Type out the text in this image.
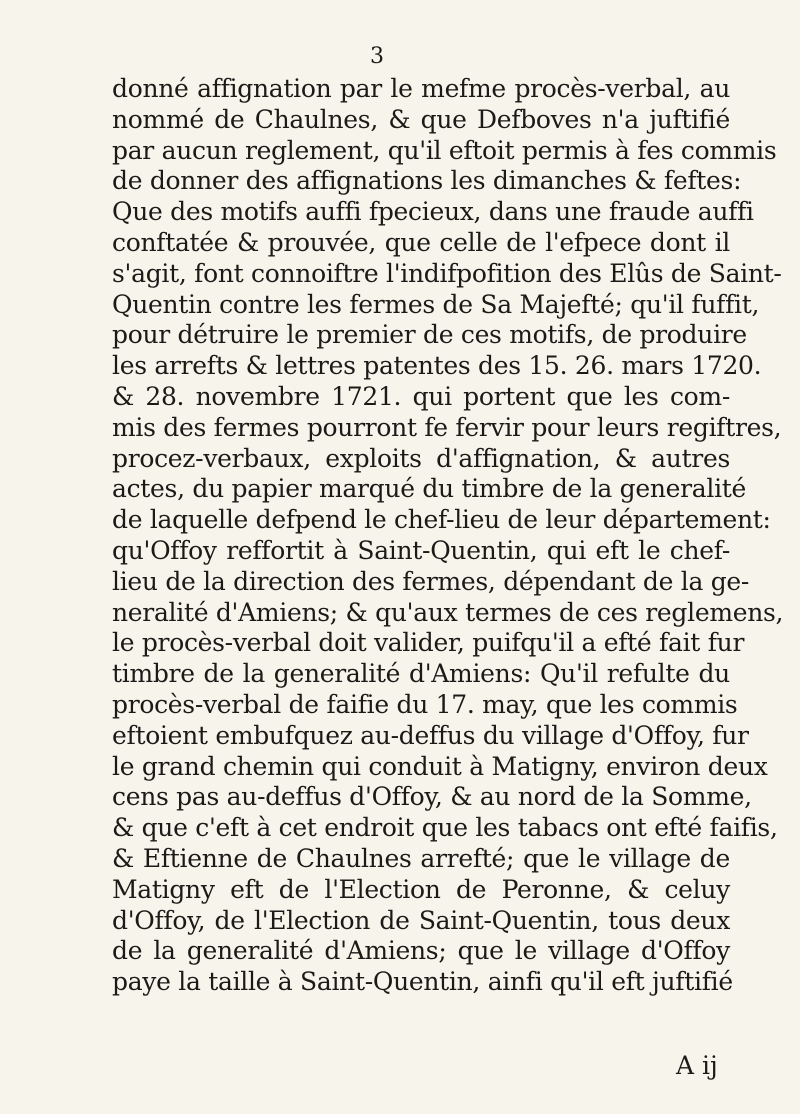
3
donné affignation par le mefme procès-verbal, au
nommé de Chaulnes, & que Defboves n'a juftifié
par aucun reglement, qu'il eftoit permis à fes commis
de donner des affignations les dimanches & feftes:
Que des motifs auffi fpecieux, dans une fraude auffi
conftatée & prouvée, que celle de l'efpece dont il
s'agit, font connoiftre l'indifpofition des Elûs de Saint-
Quentin contre les fermes de Sa Majefté; qu'il fuffit,
pour détruire le premier de ces motifs, de produire
les arrefts & lettres patentes des 15. 26. mars 1720.
& 28. novembre 1721. qui portent que les com-
mis des fermes pourront fe fervir pour leurs regiftres,
procez-verbaux, exploits d'affignation, & autres
actes, du papier marqué du timbre de la generalité
de laquelle defpend le chef-lieu de leur département:
qu'Offoy reffortit à Saint-Quentin, qui eft le chef-
lieu de la direction des fermes, dépendant de la ge-
neralité d'Amiens; & qu'aux termes de ces reglemens,
le procès-verbal doit valider, puifqu'il a efté fait fur
timbre de la generalité d'Amiens: Qu'il refulte du
procès-verbal de faifie du 17. may, que les commis
eftoient embufquez au-deffus du village d'Offoy, fur
le grand chemin qui conduit à Matigny, environ deux
cens pas au-deffus d'Offoy, & au nord de la Somme,
& que c'eft à cet endroit que les tabacs ont efté faifis,
& Eftienne de Chaulnes arrefté; que le village de
Matigny eft de l'Election de Peronne, & celuy
d'Offoy, de l'Election de Saint-Quentin, tous deux
de la generalité d'Amiens; que le village d'Offoy
paye la taille à Saint-Quentin, ainfi qu'il eft juftifié
A ij
